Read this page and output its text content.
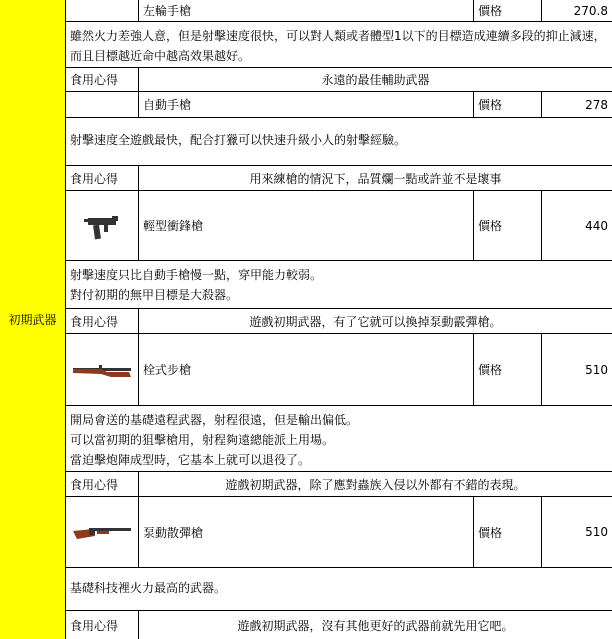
初期武器
左輪手槍	價格	270.8
雖然火力差強人意，但是射擊速度很快，可以對人類或者體型1以下的目標造成連續多段的抑止減速，
而且目標越近命中越高效果越好。
食用心得	永遠的最佳輔助武器
自動手槍	價格	278
射擊速度全遊戲最快，配合打獵可以快速升級小人的射擊經驗。
食用心得	用來練槍的情況下，品質爛一點或許並不是壞事
輕型衝鋒槍	價格	440
射擊速度只比自動手槍慢一點，穿甲能力較弱。
對付初期的無甲目標是大殺器。
食用心得	遊戲初期武器，有了它就可以換掉泵動霰彈槍。
栓式步槍	價格	510
開局會送的基礎遠程武器，射程很遠，但是輸出偏低。
可以當初期的狙擊槍用，射程夠遠總能派上用場。
當迫擊炮陣成型時，它基本上就可以退役了。
食用心得	遊戲初期武器，除了應對蟲族入侵以外都有不錯的表現。
泵動散彈槍	價格	510
基礎科技裡火力最高的武器。
食用心得	遊戲初期武器，沒有其他更好的武器前就先用它吧。
